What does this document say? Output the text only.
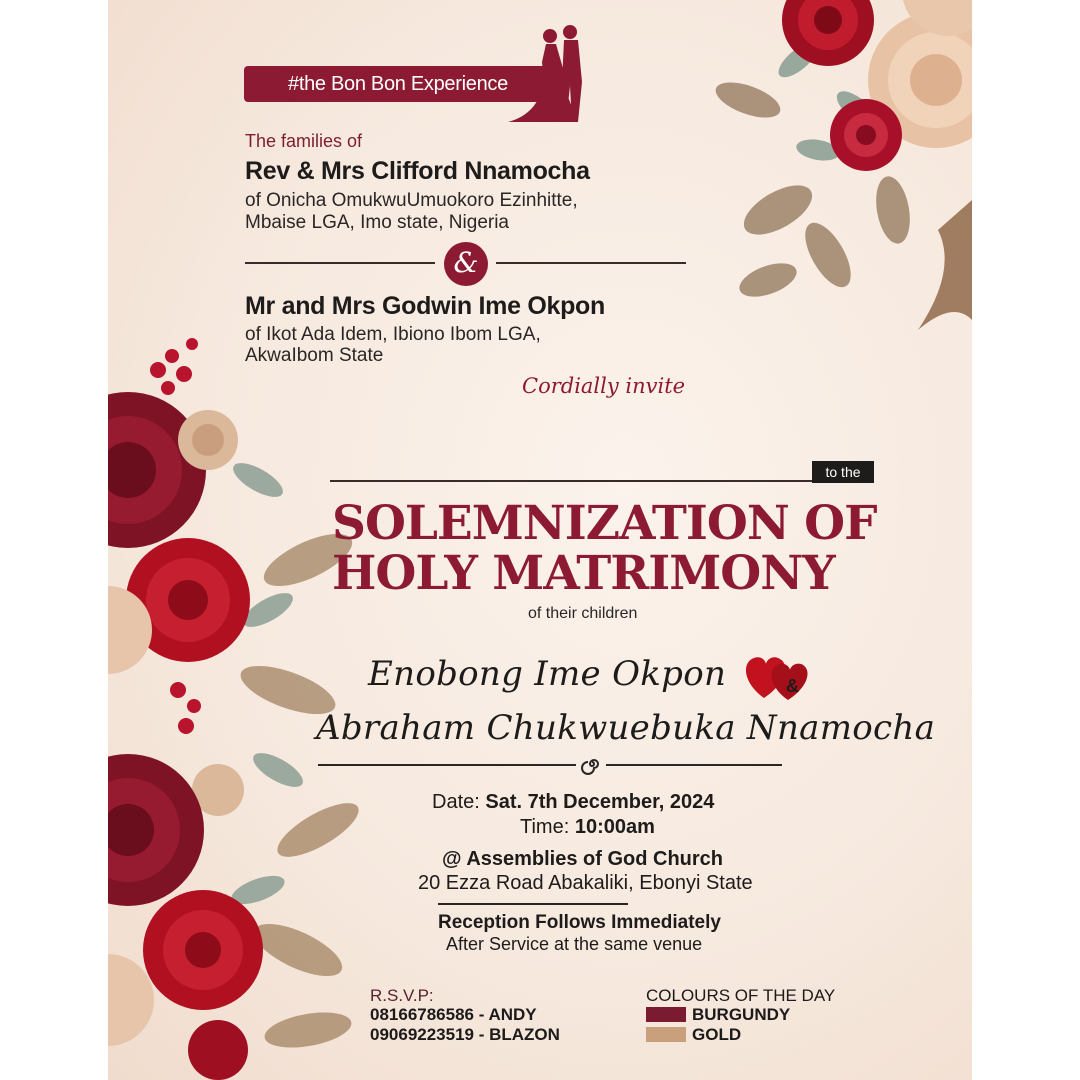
#the Bon Bon Experience
The families of
Rev & Mrs Clifford Nnamocha
of Onicha OmukwuUmuokoro Ezinhitte,
Mbaise LGA, Imo state, Nigeria
&
Mr and Mrs Godwin Ime Okpon
of Ikot Ada Idem, Ibiono Ibom LGA,
AkwaIbom State
Cordially invite
to the
SOLEMNIZATION OF
HOLY MATRIMONY
of their children
Enobong Ime Okpon	&
Abraham Chukwuebuka Nnamocha
Date: Sat. 7th December, 2024
Time: 10:00am
@ Assemblies of God Church
20 Ezza Road Abakaliki, Ebonyi State
Reception Follows Immediately
After Service at the same venue
R.S.V.P:
08166786586 - ANDY
09069223519 - BLAZON
COLOURS OF THE DAY
BURGUNDY
GOLD
